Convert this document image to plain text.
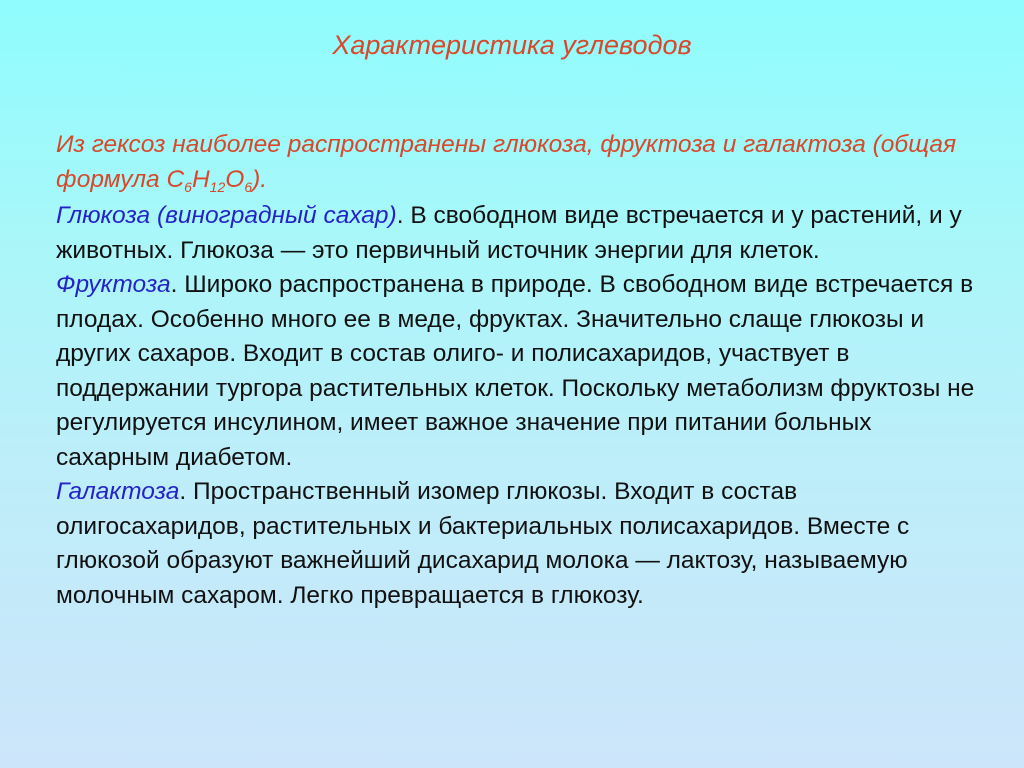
Характеристика углеводов

Из гексоз наиболее распространены глюкоза, фруктоза и галактоза (общая формула $С_6Н_{12}О_6$).

Глюкоза (виноградный сахар). В свободном виде встречается и у растений, и у животных. Глюкоза — это первичный источник энергии для клеток.

Фруктоза. Широко распространена в природе. В свободном виде встречается в плодах. Особенно много ее в меде, фруктах. Значительно слаще глюкозы и других сахаров. Входит в состав олиго- и полисахаридов, участвует в поддержании тургора растительных клеток. Поскольку метаболизм фруктозы не регулируется инсулином, имеет важное значение при питании больных сахарным диабетом.

Галактоза. Пространственный изомер глюкозы. Входит в состав олигосахаридов, растительных и бактериальных полисахаридов. Вместе с глюкозой образуют важнейший дисахарид молока — лактозу, называемую молочным сахаром. Легко превращается в глюкозу.
